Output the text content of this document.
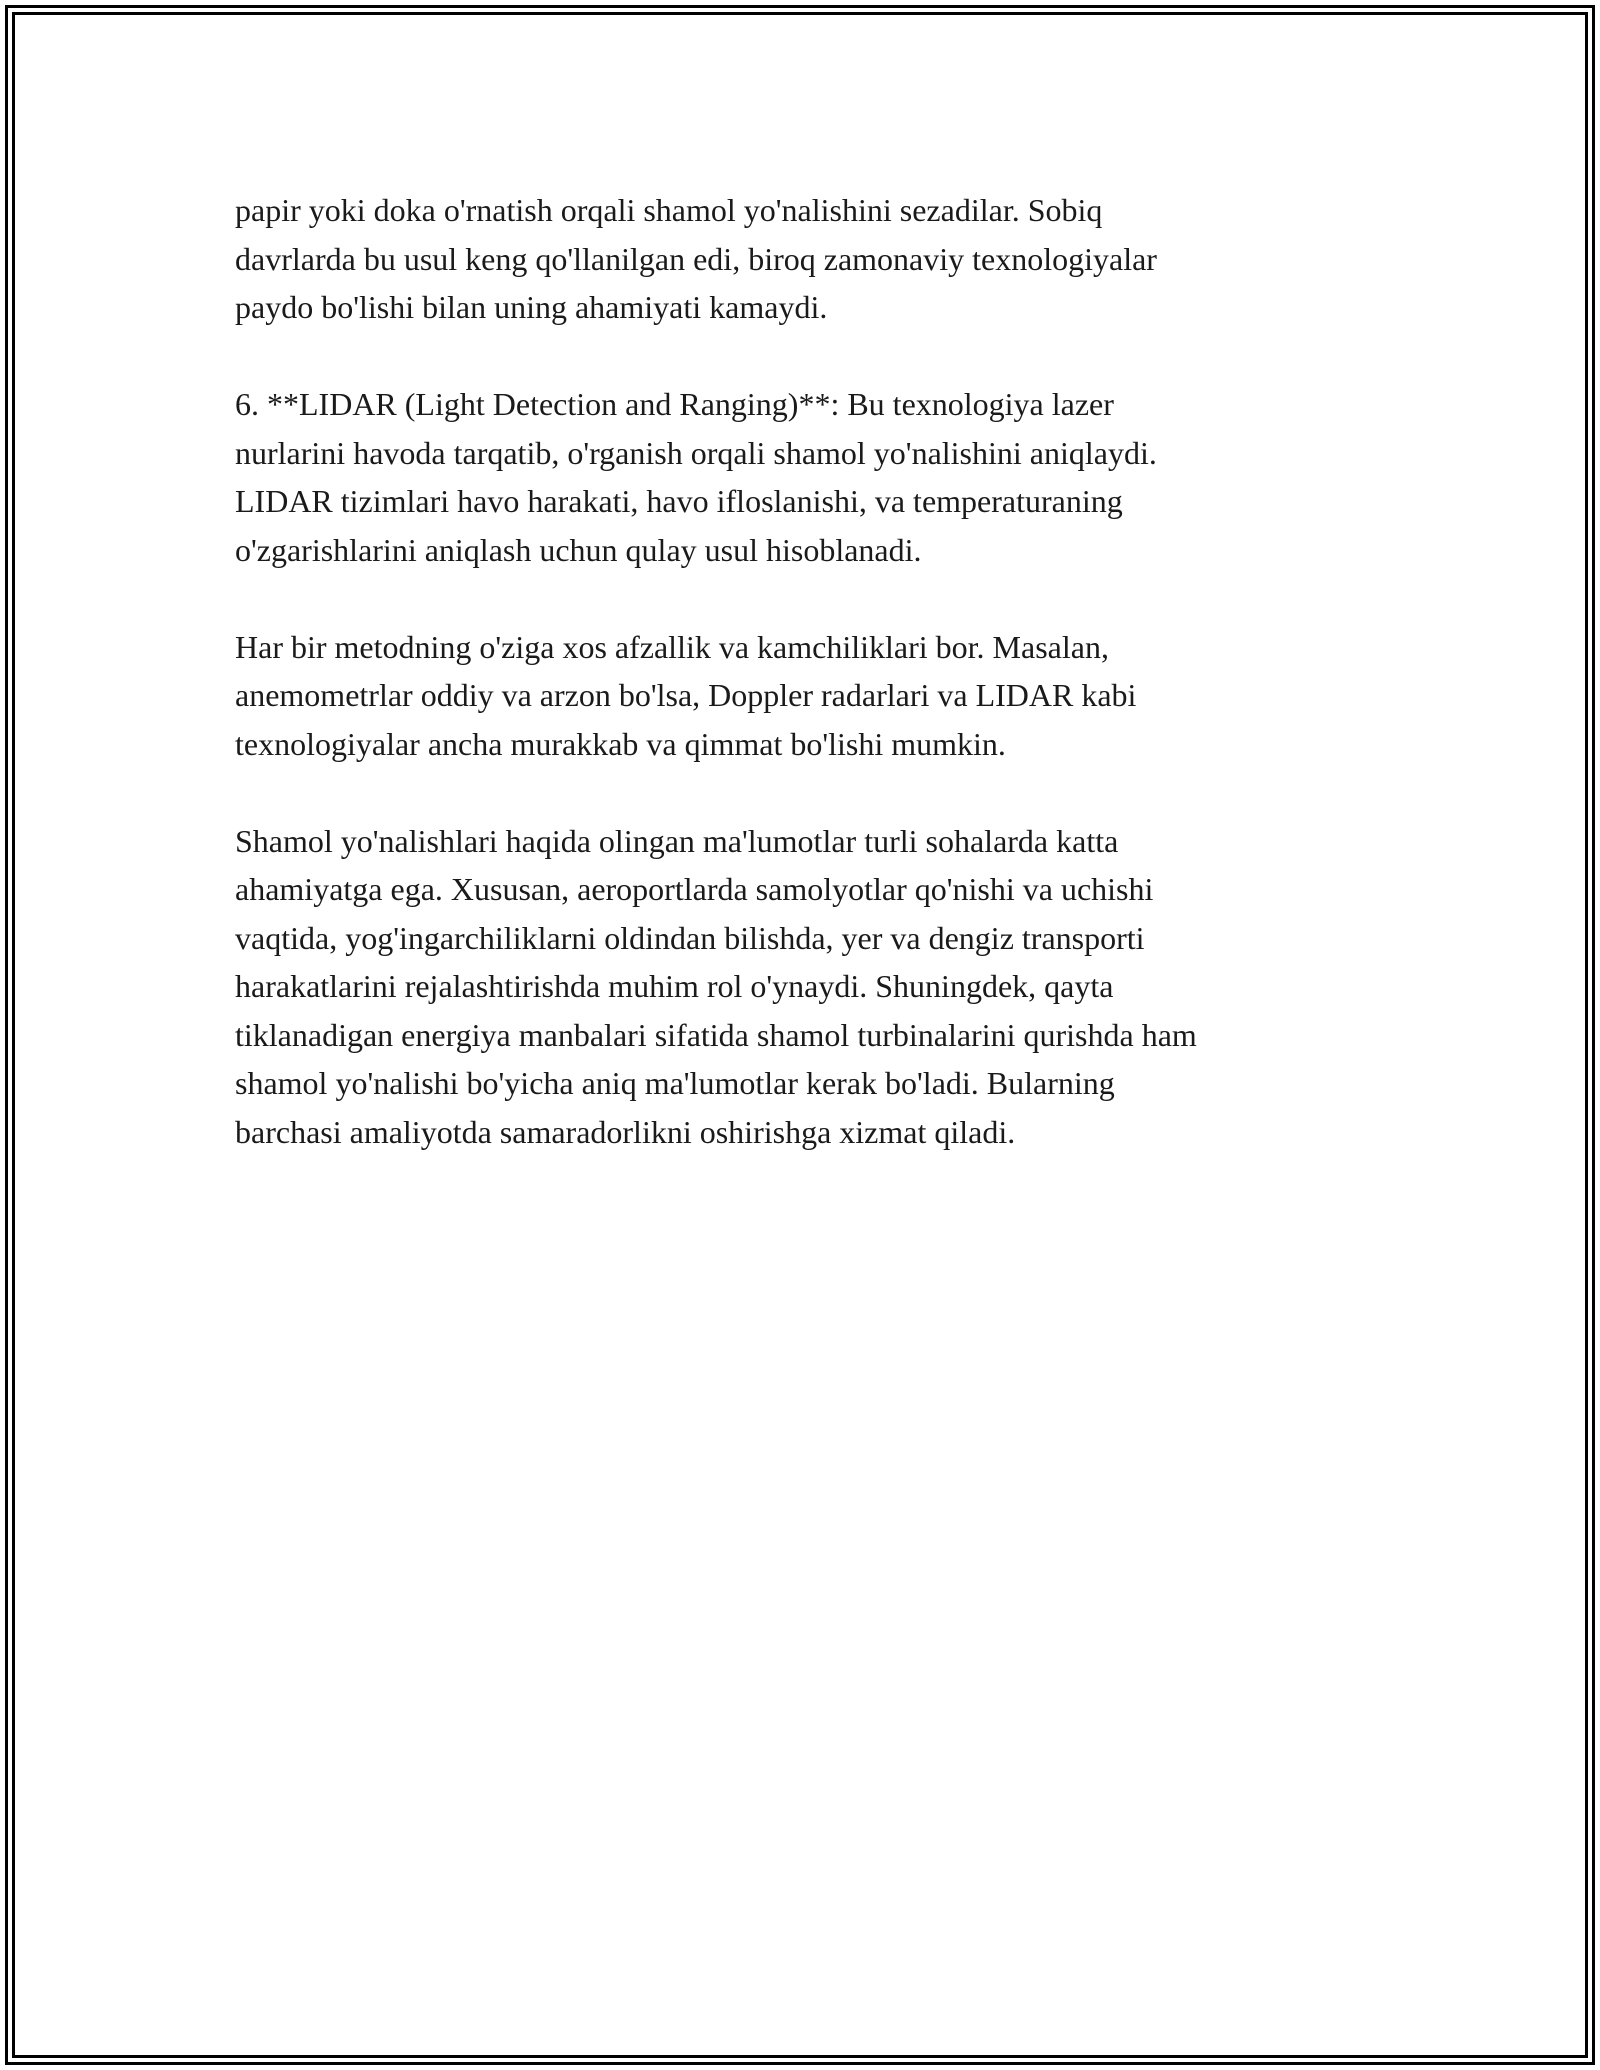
papir yoki doka o'rnatish orqali shamol yo'nalishini sezadilar. Sobiq
davrlarda bu usul keng qo'llanilgan edi, biroq zamonaviy texnologiyalar
paydo bo'lishi bilan uning ahamiyati kamaydi.

6. **LIDAR (Light Detection and Ranging)**: Bu texnologiya lazer
nurlarini havoda tarqatib, o'rganish orqali shamol yo'nalishini aniqlaydi.
LIDAR tizimlari havo harakati, havo ifloslanishi, va temperaturaning
o'zgarishlarini aniqlash uchun qulay usul hisoblanadi.

Har bir metodning o'ziga xos afzallik va kamchiliklari bor. Masalan,
anemometrlar oddiy va arzon bo'lsa, Doppler radarlari va LIDAR kabi
texnologiyalar ancha murakkab va qimmat bo'lishi mumkin.

Shamol yo'nalishlari haqida olingan ma'lumotlar turli sohalarda katta
ahamiyatga ega. Xususan, aeroportlarda samolyotlar qo'nishi va uchishi
vaqtida, yog'ingarchiliklarni oldindan bilishda, yer va dengiz transporti
harakatlarini rejalashtirishda muhim rol o'ynaydi. Shuningdek, qayta
tiklanadigan energiya manbalari sifatida shamol turbinalarini qurishda ham
shamol yo'nalishi bo'yicha aniq ma'lumotlar kerak bo'ladi. Bularning
barchasi amaliyotda samaradorlikni oshirishga xizmat qiladi.
